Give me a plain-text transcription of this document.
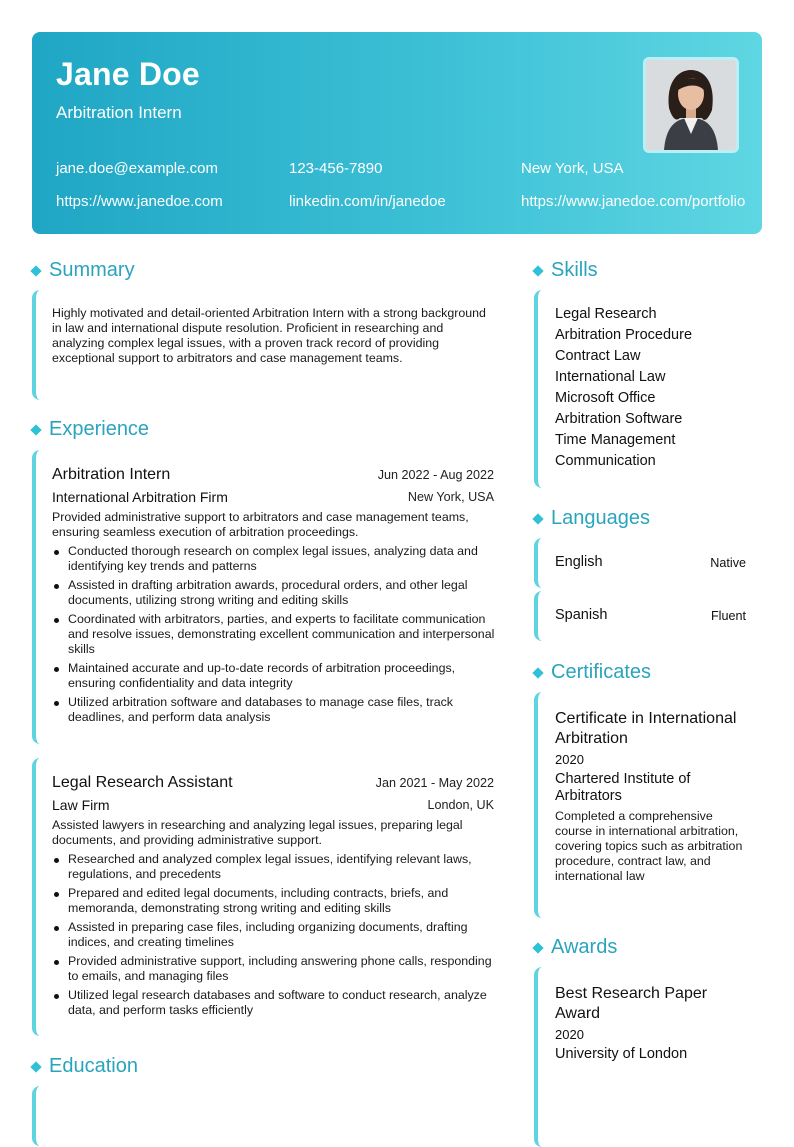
Jane Doe
Arbitration Intern
jane.doe@example.com	123-456-7890	New York, USA
https://www.janedoe.com	linkedin.com/in/janedoe	https://www.janedoe.com/portfolio
Summary
Highly motivated and detail-oriented Arbitration Intern with a strong background in law and international dispute resolution. Proficient in researching and analyzing complex legal issues, with a proven track record of providing exceptional support to arbitrators and case management teams.
Experience
Arbitration Intern	Jun 2022 - Aug 2022
International Arbitration Firm	New York, USA
Provided administrative support to arbitrators and case management teams, ensuring seamless execution of arbitration proceedings.
Conducted thorough research on complex legal issues, analyzing data and identifying key trends and patterns
Assisted in drafting arbitration awards, procedural orders, and other legal documents, utilizing strong writing and editing skills
Coordinated with arbitrators, parties, and experts to facilitate communication and resolve issues, demonstrating excellent communication and interpersonal skills
Maintained accurate and up-to-date records of arbitration proceedings, ensuring confidentiality and data integrity
Utilized arbitration software and databases to manage case files, track deadlines, and perform data analysis
Legal Research Assistant	Jan 2021 - May 2022
Law Firm	London, UK
Assisted lawyers in researching and analyzing legal issues, preparing legal documents, and providing administrative support.
Researched and analyzed complex legal issues, identifying relevant laws, regulations, and precedents
Prepared and edited legal documents, including contracts, briefs, and memoranda, demonstrating strong writing and editing skills
Assisted in preparing case files, including organizing documents, drafting indices, and creating timelines
Provided administrative support, including answering phone calls, responding to emails, and managing files
Utilized legal research databases and software to conduct research, analyze data, and perform tasks efficiently
Education
Skills
Legal Research
Arbitration Procedure
Contract Law
International Law
Microsoft Office
Arbitration Software
Time Management
Communication
Languages
English	Native
Spanish	Fluent
Certificates
Certificate in International Arbitration
2020
Chartered Institute of Arbitrators
Completed a comprehensive course in international arbitration, covering topics such as arbitration procedure, contract law, and international law
Awards
Best Research Paper Award
2020
University of London
